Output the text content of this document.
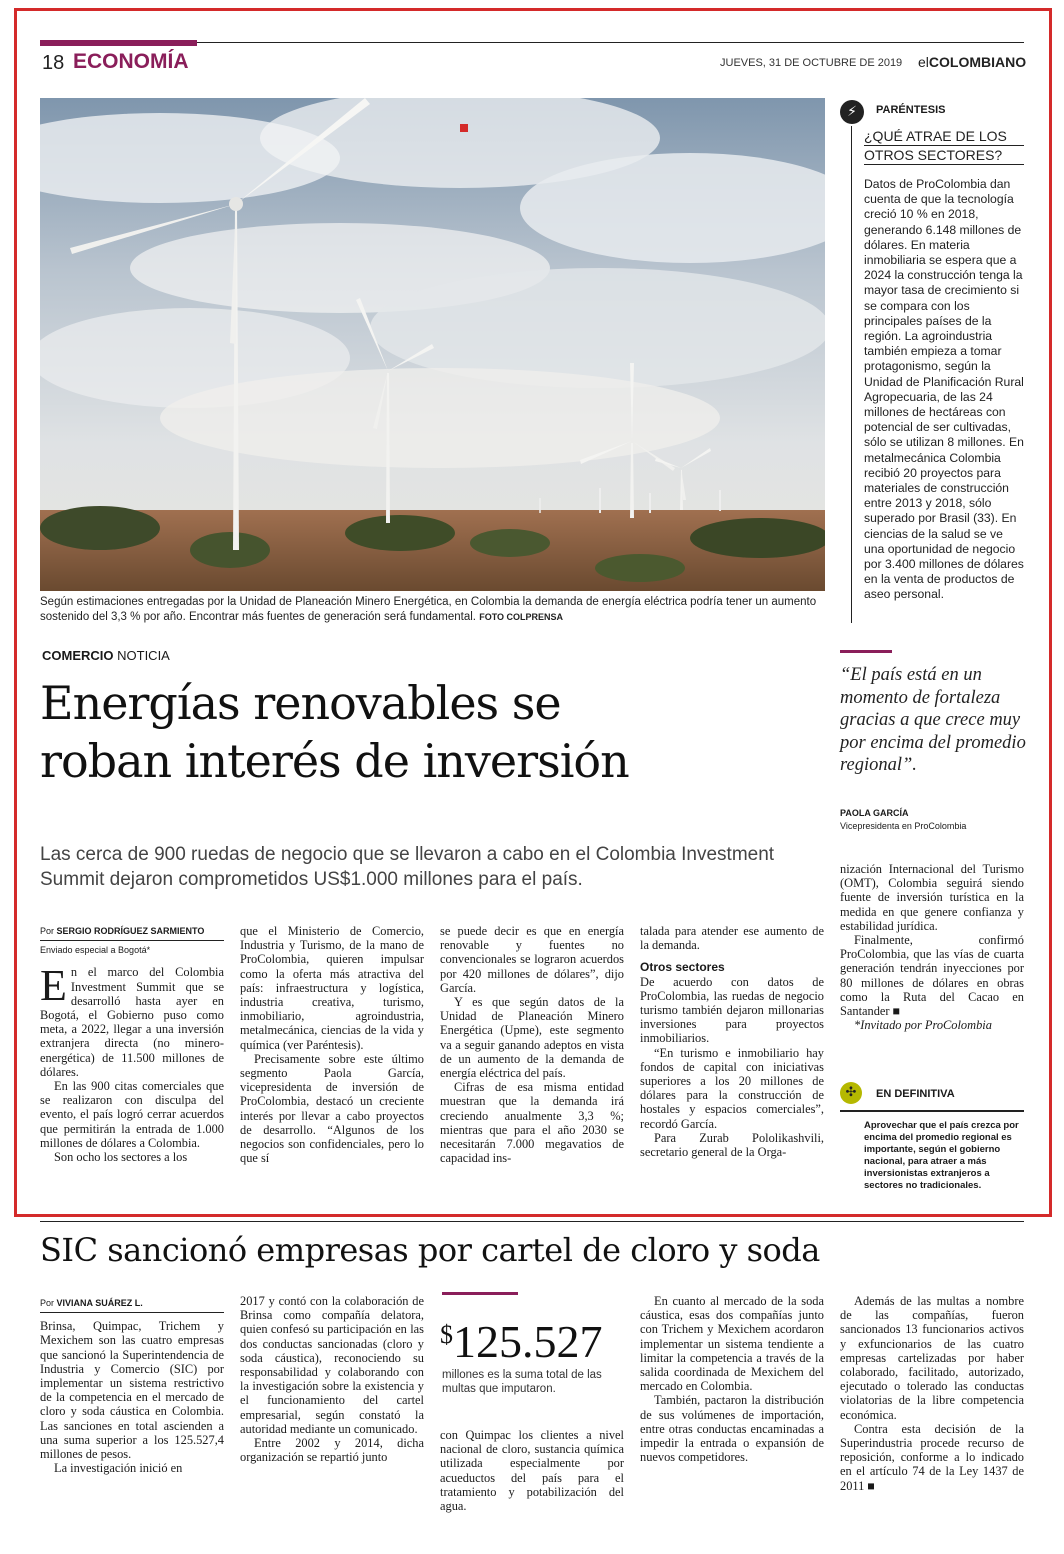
18 ECONOMÍA	JUEVES, 31 DE OCTUBRE DE 2019 elCOLOMBIANO
Según estimaciones entregadas por la Unidad de Planeación Minero Energética, en Colombia la demanda de energía eléctrica podría tener un aumento sostenido del 3,3 % por año. Encontrar más fuentes de generación será fundamental. FOTO COLPRENSA
⚡	PARÉNTESIS
¿QUÉ ATRAE DE LOS
OTROS SECTORES?
Datos de ProColombia dan cuenta de que la tecnología creció 10 % en 2018, generando 6.148 millones de dólares. En materia inmobiliaria se espera que a 2024 la construcción tenga la mayor tasa de crecimiento si se compara con los principales países de la región. La agroindustria también empieza a tomar protagonismo, según la Unidad de Planificación Rural Agropecuaria, de las 24 millones de hectáreas con potencial de ser cultivadas, sólo se utilizan 8 millones. En metalmecánica Colombia recibió 20 proyectos para materiales de construcción entre 2013 y 2018, sólo superado por Brasil (33). En ciencias de la salud se ve una oportunidad de negocio por 3.400 millones de dólares en la venta de productos de aseo personal.
“El país está en un momento de fortaleza gracias a que crece muy por encima del promedio regional”.
PAOLA GARCÍA
Vicepresidenta en ProColombia
COMERCIO NOTICIA
Energías renovables se
roban interés de inversión
Las cerca de 900 ruedas de negocio que se llevaron a cabo en el Colombia Investment Summit dejaron comprometidos US$1.000 millones para el país.
Por SERGIO RODRÍGUEZ SARMIENTO
Enviado especial a Bogotá*

En el marco del Colombia Investment Summit que se desarrolló hasta ayer en Bogotá, el Gobierno puso como meta, a 2022, llegar a una inversión extranjera directa (no minero-energética) de 11.500 millones de dólares.

En las 900 citas comerciales que se realizaron con disculpa del evento, el país logró cerrar acuerdos que permitirán la entrada de 1.000 millones de dólares a Colombia.

Son ocho los sectores a los

que el Ministerio de Comercio, Industria y Turismo, de la mano de ProColombia, quieren impulsar como la oferta más atractiva del país: infraestructura y logística, industria creativa, turismo, inmobiliario, agroindustria, metalmecánica, ciencias de la vida y química (ver Paréntesis).

Precisamente sobre este último segmento Paola García, vicepresidenta de inversión de ProColombia, destacó un creciente interés por llevar a cabo proyectos de desarrollo. “Algunos de los negocios son confidenciales, pero lo que sí

se puede decir es que en energía renovable y fuentes no convencionales se lograron acuerdos por 420 millones de dólares”, dijo García.

Y es que según datos de la Unidad de Planeación Minero Energética (Upme), este segmento va a seguir ganando adeptos en vista de un aumento de la demanda de energía eléctrica del país.

Cifras de esa misma entidad muestran que la demanda irá creciendo anualmente 3,3 %; mientras que para el año 2030 se necesitarán 7.000 megavatios de capacidad ins-

talada para atender ese aumento de la demanda.

Otros sectores

De acuerdo con datos de ProColombia, las ruedas de negocio turismo también dejaron millonarias inversiones para proyectos inmobiliarios.

“En turismo e inmobiliario hay fondos de capital con iniciativas superiores a los 20 millones de dólares para la construcción de hostales y espacios comerciales”, recordó García.

Para Zurab Pololikashvili, secretario general de la Orga-

nización Internacional del Turismo (OMT), Colombia seguirá siendo fuente de inversión turística en la medida en que genere confianza y estabilidad jurídica.

Finalmente, confirmó ProColombia, que las vías de cuarta generación tendrán inyecciones por 80 millones de dólares en obras como la Ruta del Cacao en Santander ■

*Invitado por ProColombia

✣	EN DEFINITIVA
Aprovechar que el país crezca por encima del promedio regional es importante, según el gobierno nacional, para atraer a más inversionistas extranjeros a sectores no tradicionales.
SIC sancionó empresas por cartel de cloro y soda
Por VIVIANA SUÁREZ L.

Brinsa, Quimpac, Trichem y Mexichem son las cuatro empresas que sancionó la Superintendencia de Industria y Comercio (SIC) por implementar un sistema restrictivo de la competencia en el mercado de cloro y soda cáustica en Colombia. Las sanciones en total ascienden a una suma superior a los 125.527,4 millones de pesos.

La investigación inició en

2017 y contó con la colaboración de Brinsa como compañía delatora, quien confesó su participación en las dos conductas sancionadas (cloro y soda cáustica), reconociendo su responsabilidad y colaborando con la investigación sobre la existencia y el funcionamiento del cartel empresarial, según constató la autoridad mediante un comunicado.

Entre 2002 y 2014, dicha organización se repartió junto

$125.527
millones es la suma total de las multas que imputaron.

con Quimpac los clientes a nivel nacional de cloro, sustancia química utilizada especialmente por acueductos del país para el tratamiento y potabilización del agua.

En cuanto al mercado de la soda cáustica, esas dos compañías junto con Trichem y Mexichem acordaron implementar un sistema tendiente a limitar la competencia a través de la salida coordinada de Mexichem del mercado en Colombia.

También, pactaron la distribución de sus volúmenes de importación, entre otras conductas encaminadas a impedir la entrada o expansión de nuevos competidores.

Además de las multas a nombre de las compañías, fueron sancionados 13 funcionarios activos y exfuncionarios de las cuatro empresas cartelizadas por haber colaborado, facilitado, autorizado, ejecutado o tolerado las conductas violatorias de la libre competencia económica.

Contra esta decisión de la Superindustria procede recurso de reposición, conforme a lo indicado en el artículo 74 de la Ley 1437 de 2011 ■
